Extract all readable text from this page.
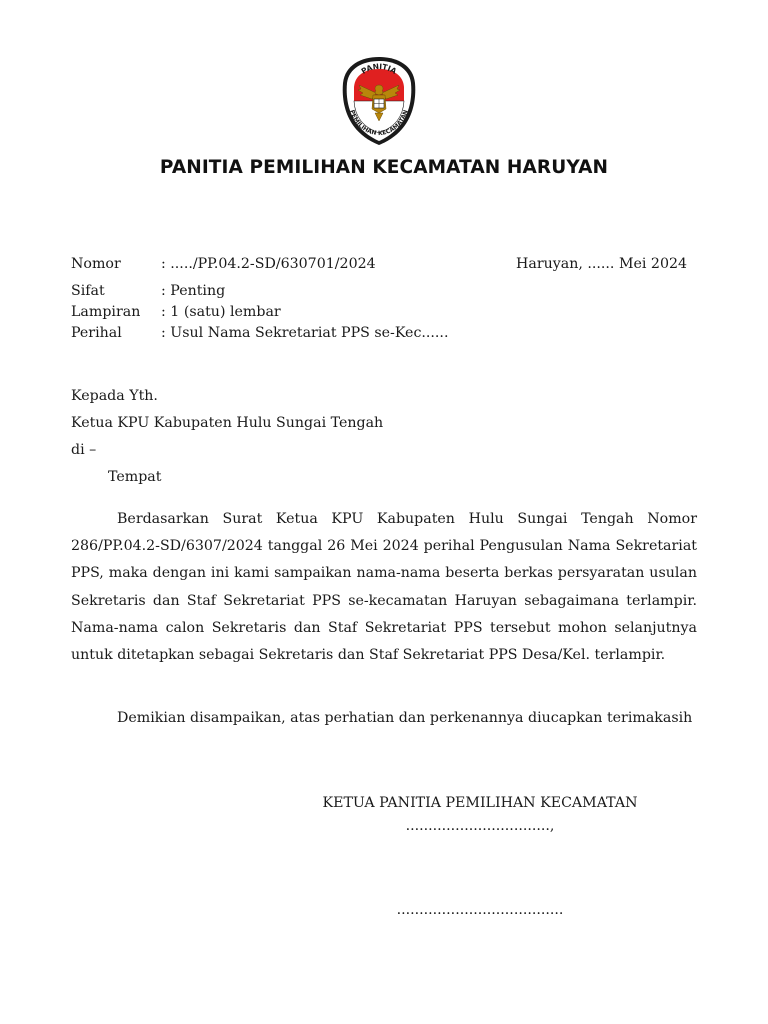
PANITIA
PEMILIHAN KECAMATAN
PANITIA PEMILIHAN KECAMATAN HARUYAN
Nomor	: ...../PP.04.2-SD/630701/2024	Haruyan, ...... Mei 2024
Sifat	: Penting
Lampiran : 1 (satu) lembar
Perihal	: Usul Nama Sekretariat PPS se-Kec......
Kepada Yth.
Ketua KPU Kabupaten Hulu Sungai Tengah
di –
Tempat

Berdasarkan Surat Ketua KPU Kabupaten Hulu Sungai Tengah Nomor 286/PP.04.2-SD/6307/2024 tanggal 26 Mei 2024 perihal Pengusulan Nama Sekretariat PPS, maka dengan ini kami sampaikan nama-nama beserta berkas persyaratan usulan Sekretaris dan Staf Sekretariat PPS se-kecamatan Haruyan sebagaimana terlampir. Nama-nama calon Sekretaris dan Staf Sekretariat PPS tersebut mohon selanjutnya untuk ditetapkan sebagai Sekretaris dan Staf Sekretariat PPS Desa/Kel. terlampir.

Demikian disampaikan, atas perhatian dan perkenannya diucapkan terimakasih

KETUA PANITIA PEMILIHAN KECAMATAN
................................,
.....................................
